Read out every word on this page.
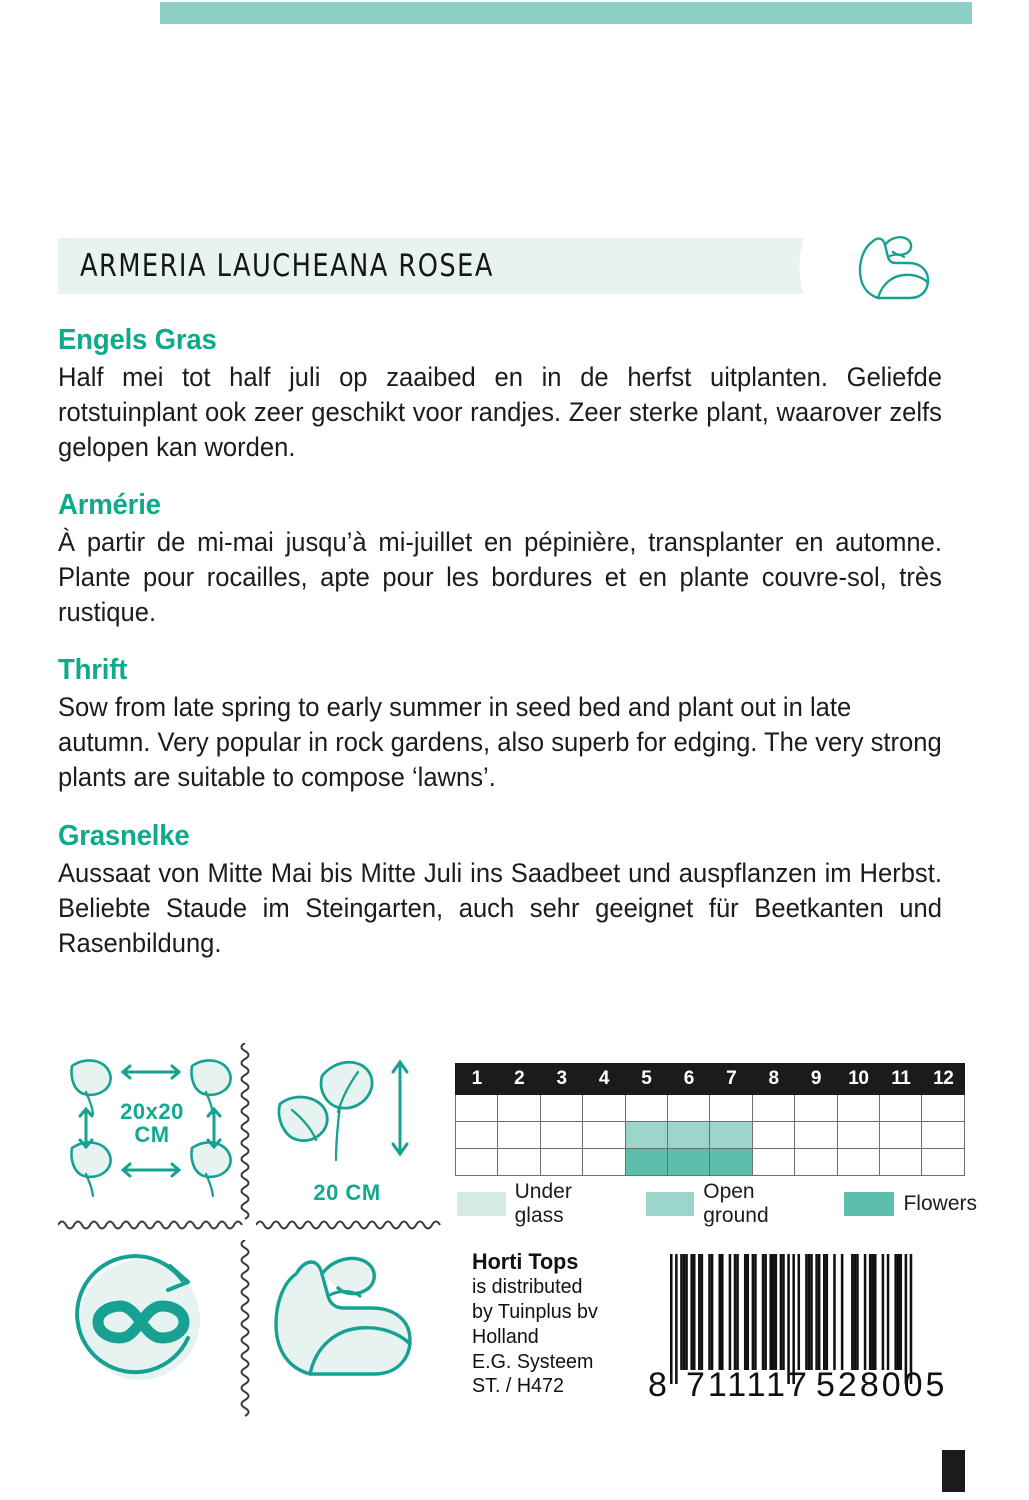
ARMERIA LAUCHEANA ROSEA

Engels Gras

Half mei tot half juli op zaaibed en in de herfst uitplanten. Geliefde rotstuinplant ook zeer geschikt voor randjes. Zeer sterke plant, waarover zelfs gelopen kan worden.

Armérie

À partir de mi-mai jusqu’à mi-juillet en pépinière, transplanter en automne. Plante pour rocailles, apte pour les bordures et en plante couvre-sol, très rustique.

Thrift

Sow from late spring to early summer in seed bed and plant out in late autumn. Very popular in rock gardens, also superb for edging. The very strong plants are suitable to compose ‘lawns’.

Grasnelke

Aussaat von Mitte Mai bis Mitte Juli ins Saadbeet und auspflanzen im Herbst. Beliebte Staude im Steingarten, auch sehr geeignet für Beetkanten und Rasenbildung.

20x20
CM
20 CM
1	2	3	4	5	6	7	8	9	10	11	12

Under glass
Open ground
Flowers
Horti Tops
is distributed
by Tuinplus bv
Holland
E.G. Systeem
ST. / H472	8 711117 528005
